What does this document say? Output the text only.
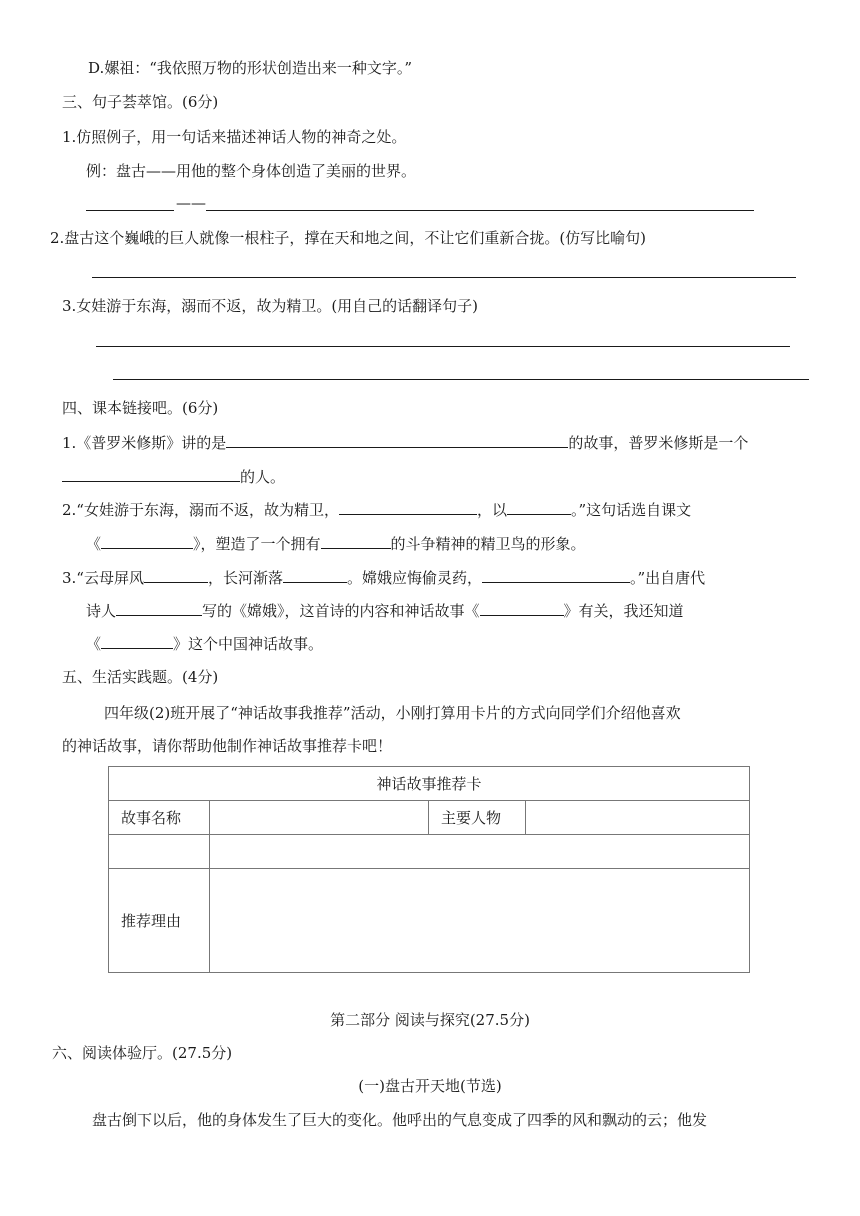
D.嫘祖：“我依照万物的形状创造出来一种文字。”
三、句子荟萃馆。(6分)
1.仿照例子，用一句话来描述神话人物的神奇之处。
例：盘古——用他的整个身体创造了美丽的世界。
——
2.盘古这个巍峨的巨人就像一根柱子，撑在天和地之间，不让它们重新合拢。(仿写比喻句)
3.女娃游于东海，溺而不返，故为精卫。(用自己的话翻译句子)
四、课本链接吧。(6分)
1.《普罗米修斯》讲的是	的故事，普罗米修斯是一个
的人。
2.“女娃游于东海，溺而不返，故为精卫，	，以	。”这句话选自课文
《	》，塑造了一个拥有	的斗争精神的精卫鸟的形象。
3.“云母屏风	，长河渐落	。嫦娥应悔偷灵药，	。”出自唐代
诗人	写的《嫦娥》，这首诗的内容和神话故事《	》有关，我还知道
《	》这个中国神话故事。
五、生活实践题。(4分)
四年级(2)班开展了“神话故事我推荐”活动，小刚打算用卡片的方式向同学们介绍他喜欢
的神话故事，请你帮助他制作神话故事推荐卡吧！
神话故事推荐卡			
故事名称		主要人物	

推荐理由			
第二部分 阅读与探究(27.5分)
六、阅读体验厅。(27.5分)
(一)盘古开天地(节选)
盘古倒下以后，他的身体发生了巨大的变化。他呼出的气息变成了四季的风和飘动的云；他发
